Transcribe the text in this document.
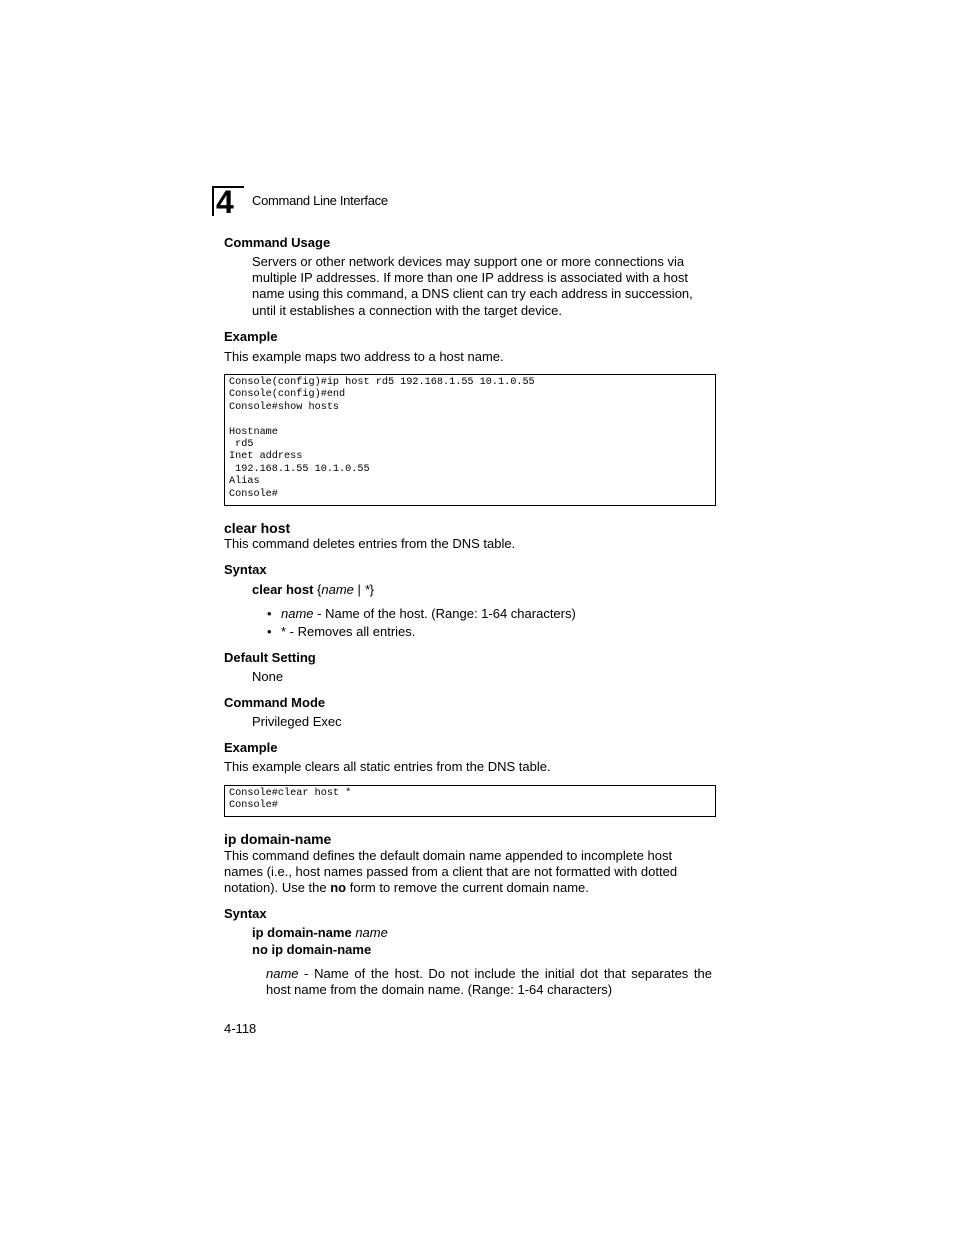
4	Command Line Interface
Command Usage
Servers or other network devices may support one or more connections via
multiple IP addresses. If more than one IP address is associated with a host
name using this command, a DNS client can try each address in succession,
until it establishes a connection with the target device.
Example
This example maps two address to a host name.
Console(config)#ip host rd5 192.168.1.55 10.1.0.55
Console(config)#end
Console#show hosts

Hostname
rd5
Inet address
192.168.1.55 10.1.0.55
Alias
Console#
clear host
This command deletes entries from the DNS table.
Syntax
clear host {name | *}
• name - Name of the host. (Range: 1-64 characters)
• * - Removes all entries.
Default Setting
None
Command Mode
Privileged Exec
Example
This example clears all static entries from the DNS table.
Console#clear host *
Console#
ip domain-name
This command defines the default domain name appended to incomplete host
names (i.e., host names passed from a client that are not formatted with dotted
notation). Use the no form to remove the current domain name.
Syntax
ip domain-name name
no ip domain-name
name - Name of the host. Do not include the initial dot that separates the
host name from the domain name. (Range: 1-64 characters)
4-118
